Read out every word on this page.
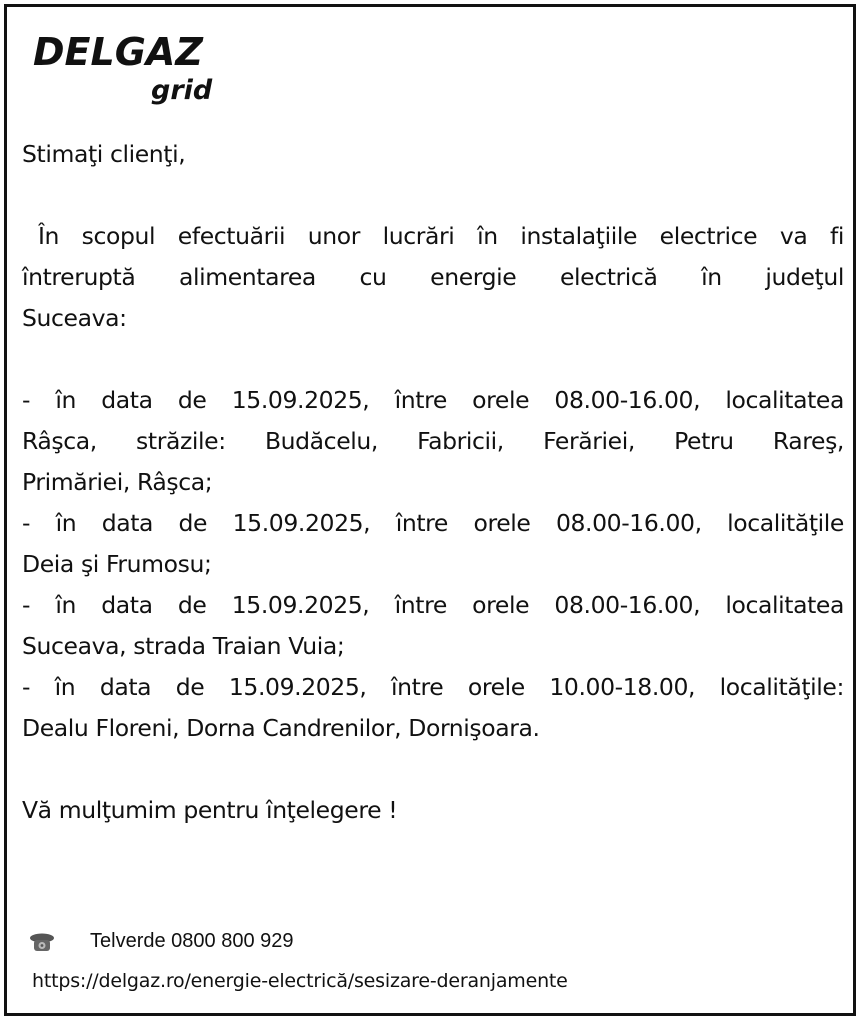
DELGAZ
grid

Stimaţi clienţi,

În scopul efectuării unor lucrări în instalaţiile electrice va fi

întreruptă alimentarea cu energie electrică în judeţul

Suceava:

- în data de 15.09.2025, între orele 08.00-16.00, localitatea

Râşca, străzile: Budăcelu, Fabricii, Ferăriei, Petru Rareş,

Primăriei, Râşca;

- în data de 15.09.2025, între orele 08.00-16.00, localităţile

Deia şi Frumosu;

- în data de 15.09.2025, între orele 08.00-16.00, localitatea

Suceava, strada Traian Vuia;

- în data de 15.09.2025, între orele 10.00-18.00, localităţile:

Dealu Floreni, Dorna Candrenilor, Dornişoara.

Vă mulţumim pentru înţelegere !

Telverde 0800 800 929
https://delgaz.ro/energie-electrică/sesizare-deranjamente
